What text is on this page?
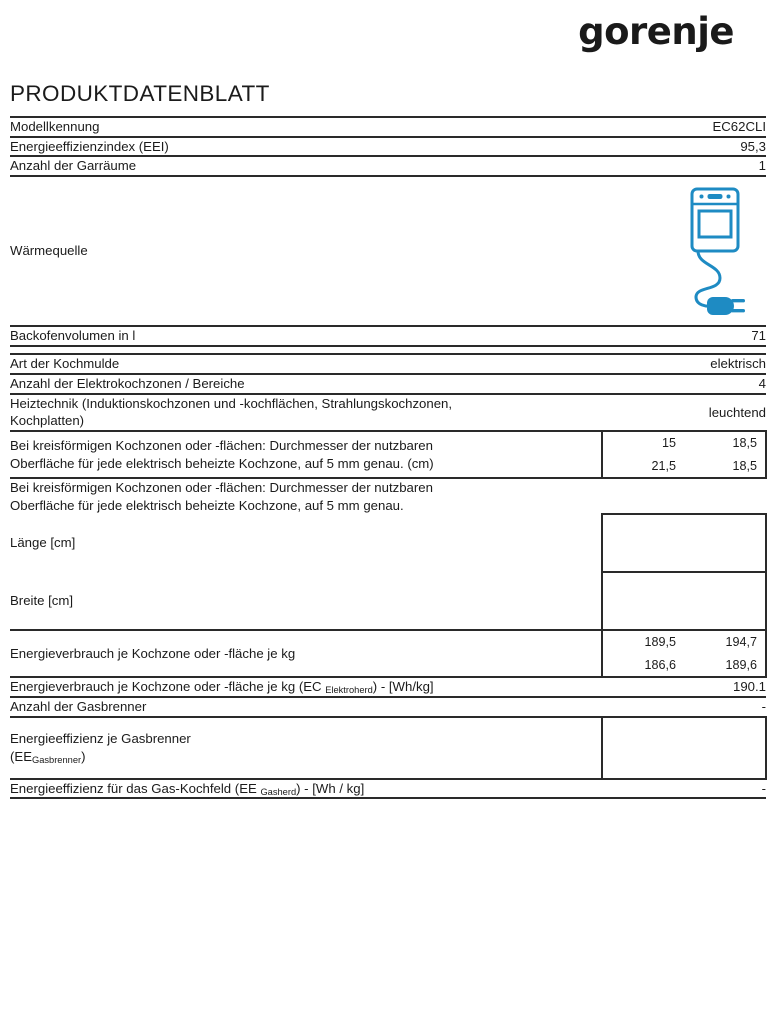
gorenje
PRODUKTDATENBLATT
Modellkennung	EC62CLI
Energieeffizienzindex (EEI)	95,3
Anzahl der Garräume	1
Wärmequelle	

Backofenvolumen in l	71

Art der Kochmulde	elektrisch
Anzahl der Elektrokochzonen / Bereiche	4

Heiztechnik (Induktionskochzonen und -kochflächen, Strahlungskochzonen,
Kochplatten)
	leuchtend

Bei kreisförmigen Kochzonen oder -flächen: Durchmesser der nutzbaren
Oberfläche für jede elektrisch beheizte Kochzone, auf 5 mm genau. (cm)

15	18,5
21,5	18,5

Bei kreisförmigen Kochzonen oder -flächen: Durchmesser der nutzbaren
Oberfläche für jede elektrisch beheizte Kochzone, auf 5 mm genau.

Länge [cm]	
Breite [cm]	
Energieverbrauch je Kochzone oder -fläche je kg	
189,5	194,7
186,6	189,6

Energieverbrauch je Kochzone oder -fläche je kg (EC $_{Elektroherd}$) - [Wh/kg]	190.1
Anzahl der Gasbrenner	-

Energieeffizienz je Gasbrenner
$(EE_{Gasbrenner})$

Energieeffizienz für das Gas-Kochfeld (EE $_{Gasherd}$) - [Wh / kg]	-
